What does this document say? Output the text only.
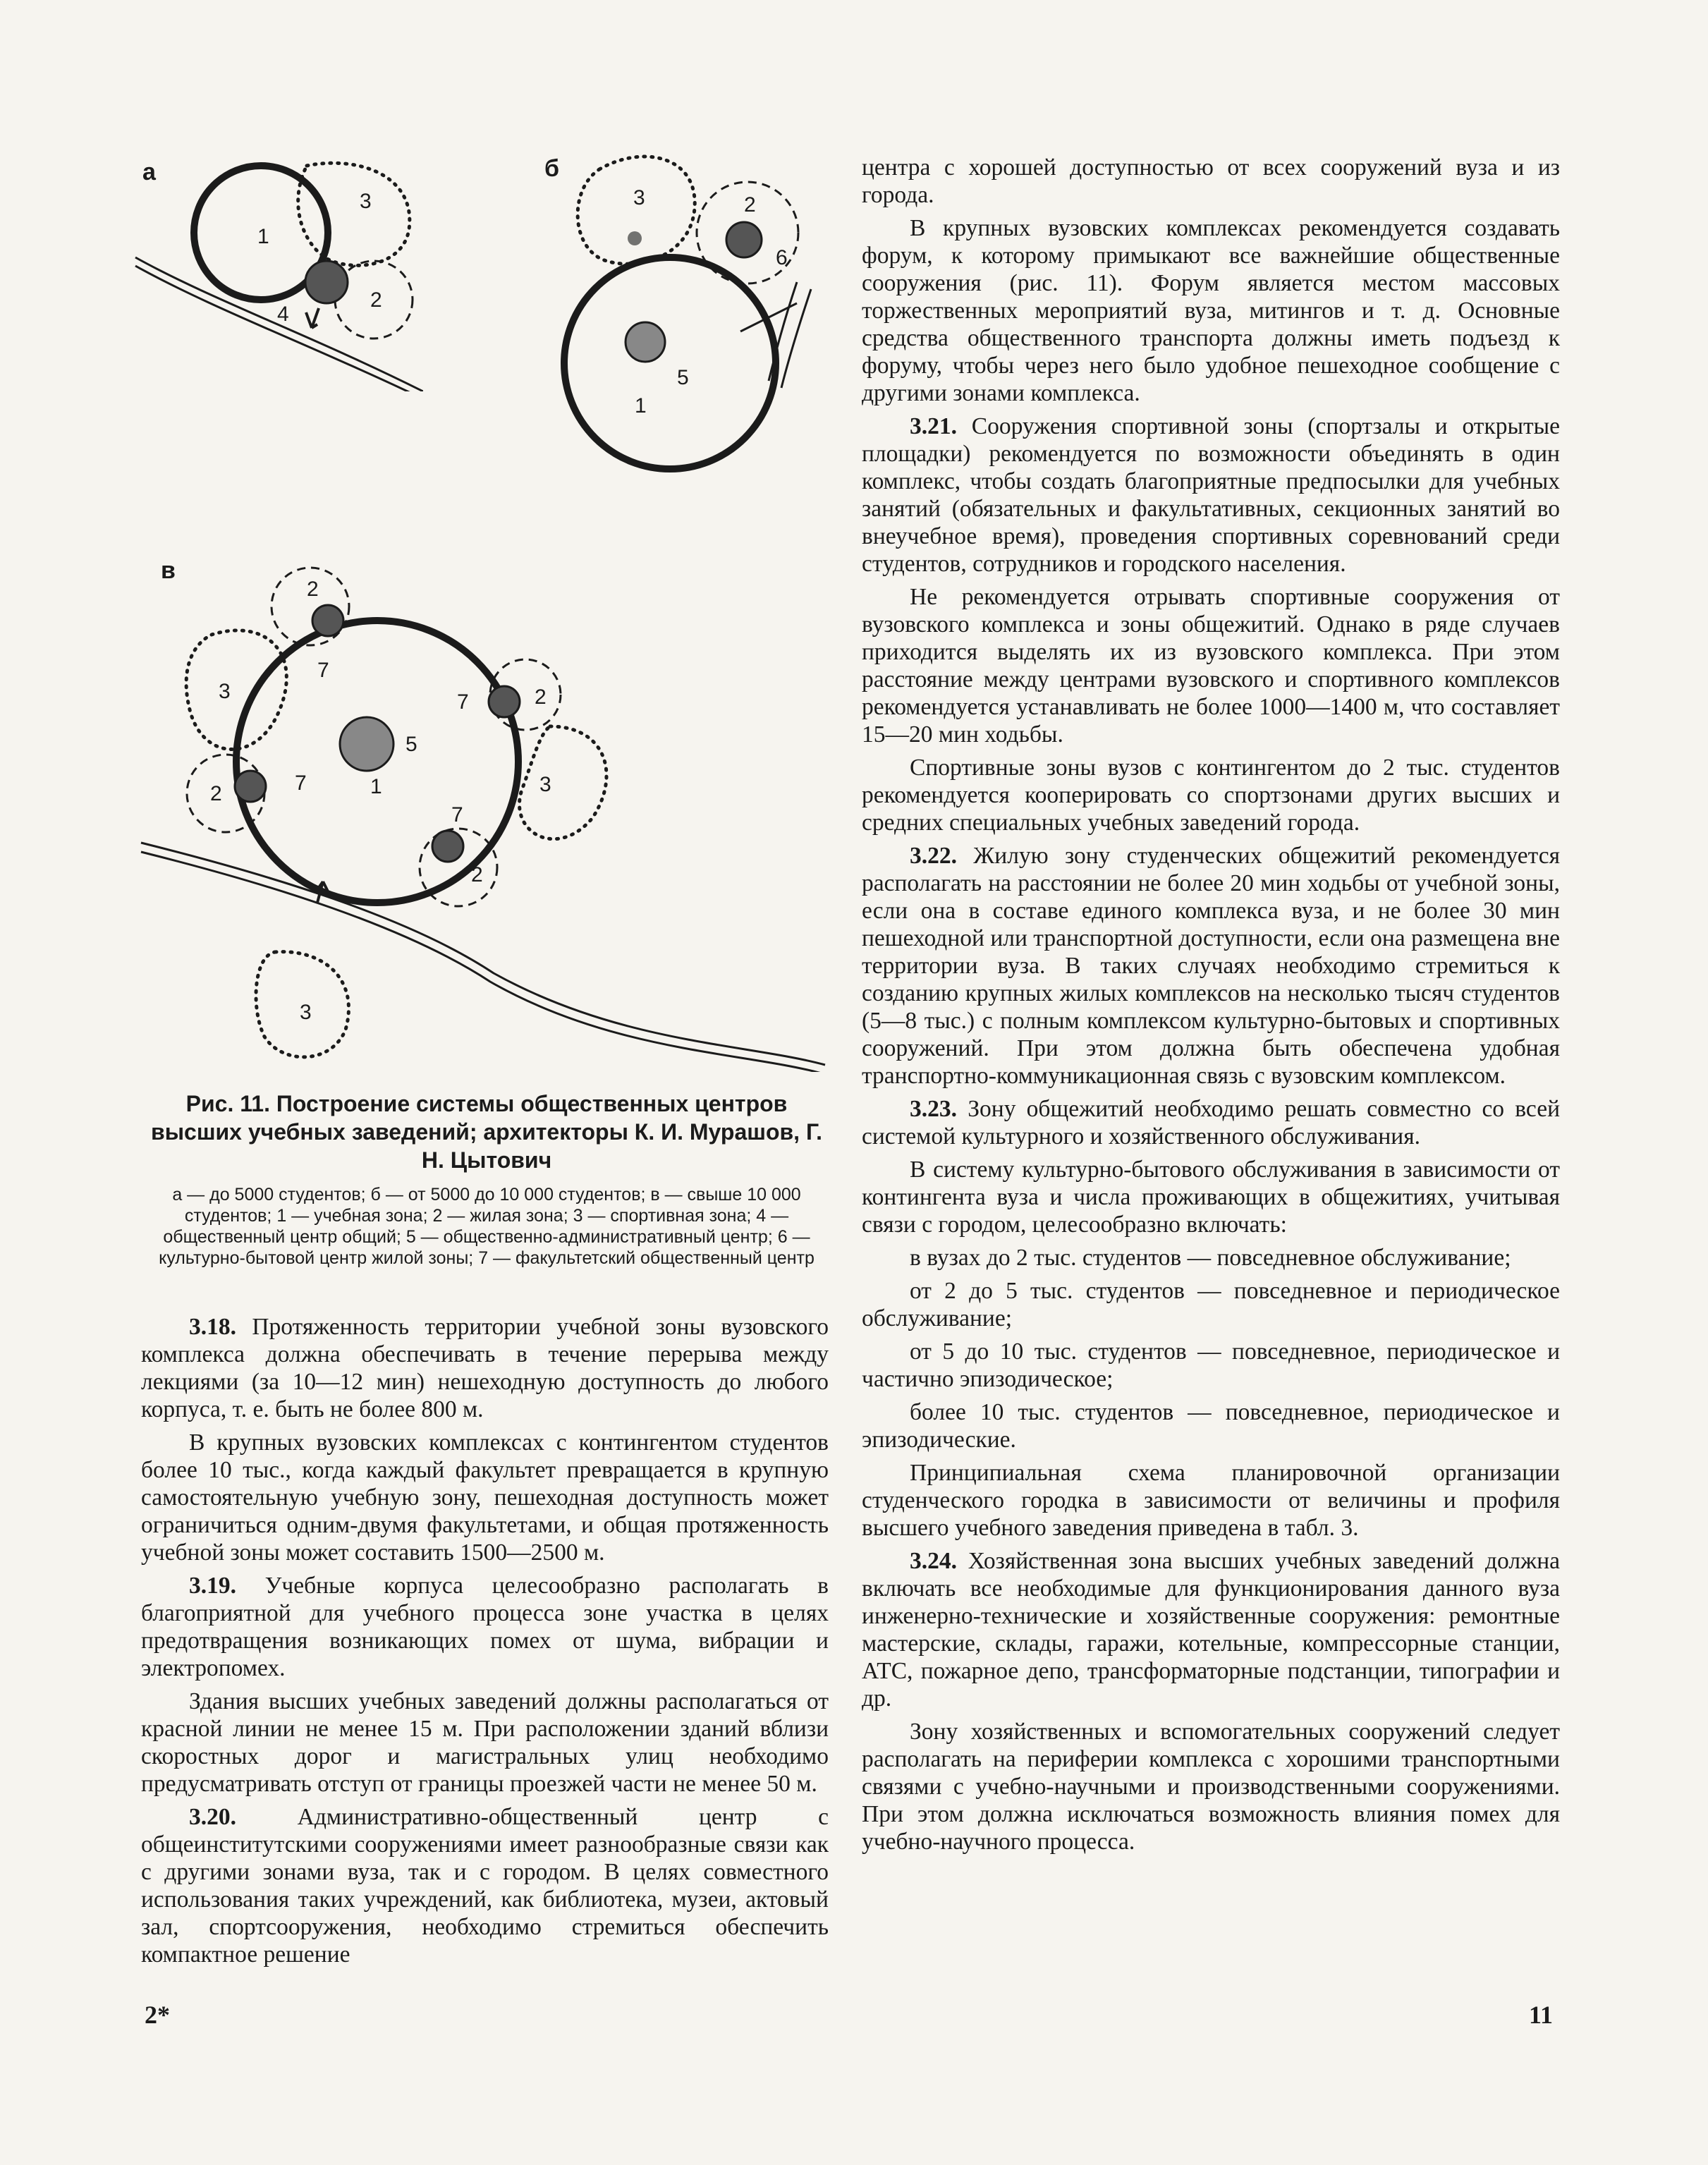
а
1
3
2
4
б
3	2
6
5
1
в
2
7
3	2
7
5
1
2	7	3
7
2
3

Рис. 11. Построение системы общественных центров высших учебных заведений; архитекторы К. И. Мурашов, Г. Н. Цытович

а — до 5000 студентов; б — от 5000 до 10 000 студентов; в — свыше 10 000 студентов; 1 — учебная зона; 2 — жилая зона; 3 — спортивная зона; 4 — общественный центр общий; 5 — общественно-административный центр; 6 — культурно-бытовой центр жилой зоны; 7 — факультетский общественный центр

3.18. Протяженность территории учебной зоны вузовского комплекса должна обеспечивать в течение перерыва между лекциями (за 10—12 мин) нешеходную доступность до любого корпуса, т. е. быть не более 800 м.

В крупных вузовских комплексах с контингентом студентов более 10 тыс., когда каждый факультет превращается в крупную самостоятельную учебную зону, пешеходная доступность может ограничиться одним-двумя факультетами, и общая протяженность учебной зоны может составить 1500—2500 м.

3.19. Учебные корпуса целесообразно располагать в благоприятной для учебного процесса зоне участка в целях предотвращения возникающих помех от шума, вибрации и электропомех.

Здания высших учебных заведений должны располагаться от красной линии не менее 15 м. При расположении зданий вблизи скоростных дорог и магистральных улиц необходимо предусматривать отступ от границы проезжей части не менее 50 м.

3.20. Административно-общественный центр с общеинститутскими сооружениями имеет разнообразные связи как с другими зонами вуза, так и с городом. В целях совместного использования таких учреждений, как библиотека, музеи, актовый зал, спортсооружения, необходимо стремиться обеспечить компактное решение

центра с хорошей доступностью от всех сооружений вуза и из города.

В крупных вузовских комплексах рекомендуется создавать форум, к которому примыкают все важнейшие общественные сооружения (рис. 11). Форум является местом массовых торжественных мероприятий вуза, митингов и т. д. Основные средства общественного транспорта должны иметь подъезд к форуму, чтобы через него было удобное пешеходное сообщение с другими зонами комплекса.

3.21. Сооружения спортивной зоны (спортзалы и открытые площадки) рекомендуется по возможности объединять в один комплекс, чтобы создать благоприятные предпосылки для учебных занятий (обязательных и факультативных, секционных занятий во внеучебное время), проведения спортивных соревнований среди студентов, сотрудников и городского населения.

Не рекомендуется отрывать спортивные сооружения от вузовского комплекса и зоны общежитий. Однако в ряде случаев приходится выделять их из вузовского комплекса. При этом расстояние между центрами вузовского и спортивного комплексов рекомендуется устанавливать не более 1000—1400 м, что составляет 15—20 мин ходьбы.

Спортивные зоны вузов с контингентом до 2 тыс. студентов рекомендуется кооперировать со спортзонами других высших и средних специальных учебных заведений города.

3.22. Жилую зону студенческих общежитий рекомендуется располагать на расстоянии не более 20 мин ходьбы от учебной зоны, если она в составе единого комплекса вуза, и не более 30 мин пешеходной или транспортной доступности, если она размещена вне территории вуза. В таких случаях необходимо стремиться к созданию крупных жилых комплексов на несколько тысяч студентов (5—8 тыс.) с полным комплексом культурно-бытовых и спортивных сооружений. При этом должна быть обеспечена удобная транспортно-коммуникационная связь с вузовским комплексом.

3.23. Зону общежитий необходимо решать совместно со всей системой культурного и хозяйственного обслуживания.

В систему культурно-бытового обслуживания в зависимости от контингента вуза и числа проживающих в общежитиях, учитывая связи с городом, целесообразно включать:

в вузах до 2 тыс. студентов — повседневное обслуживание;

от 2 до 5 тыс. студентов — повседневное и периодическое обслуживание;

от 5 до 10 тыс. студентов — повседневное, периодическое и частично эпизодическое;

более 10 тыс. студентов — повседневное, периодическое и эпизодические.

Принципиальная схема планировочной организации студенческого городка в зависимости от величины и профиля высшего учебного заведения приведена в табл. 3.

3.24. Хозяйственная зона высших учебных заведений должна включать все необходимые для функционирования данного вуза инженерно-технические и хозяйственные сооружения: ремонтные мастерские, склады, гаражи, котельные, компрессорные станции, АТС, пожарное депо, трансформаторные подстанции, типографии и др.

Зону хозяйственных и вспомогательных сооружений следует располагать на периферии комплекса с хорошими транспортными связями с учебно-научными и производственными сооружениями. При этом должна исключаться возможность влияния помех для учебно-научного процесса.

2*	11
